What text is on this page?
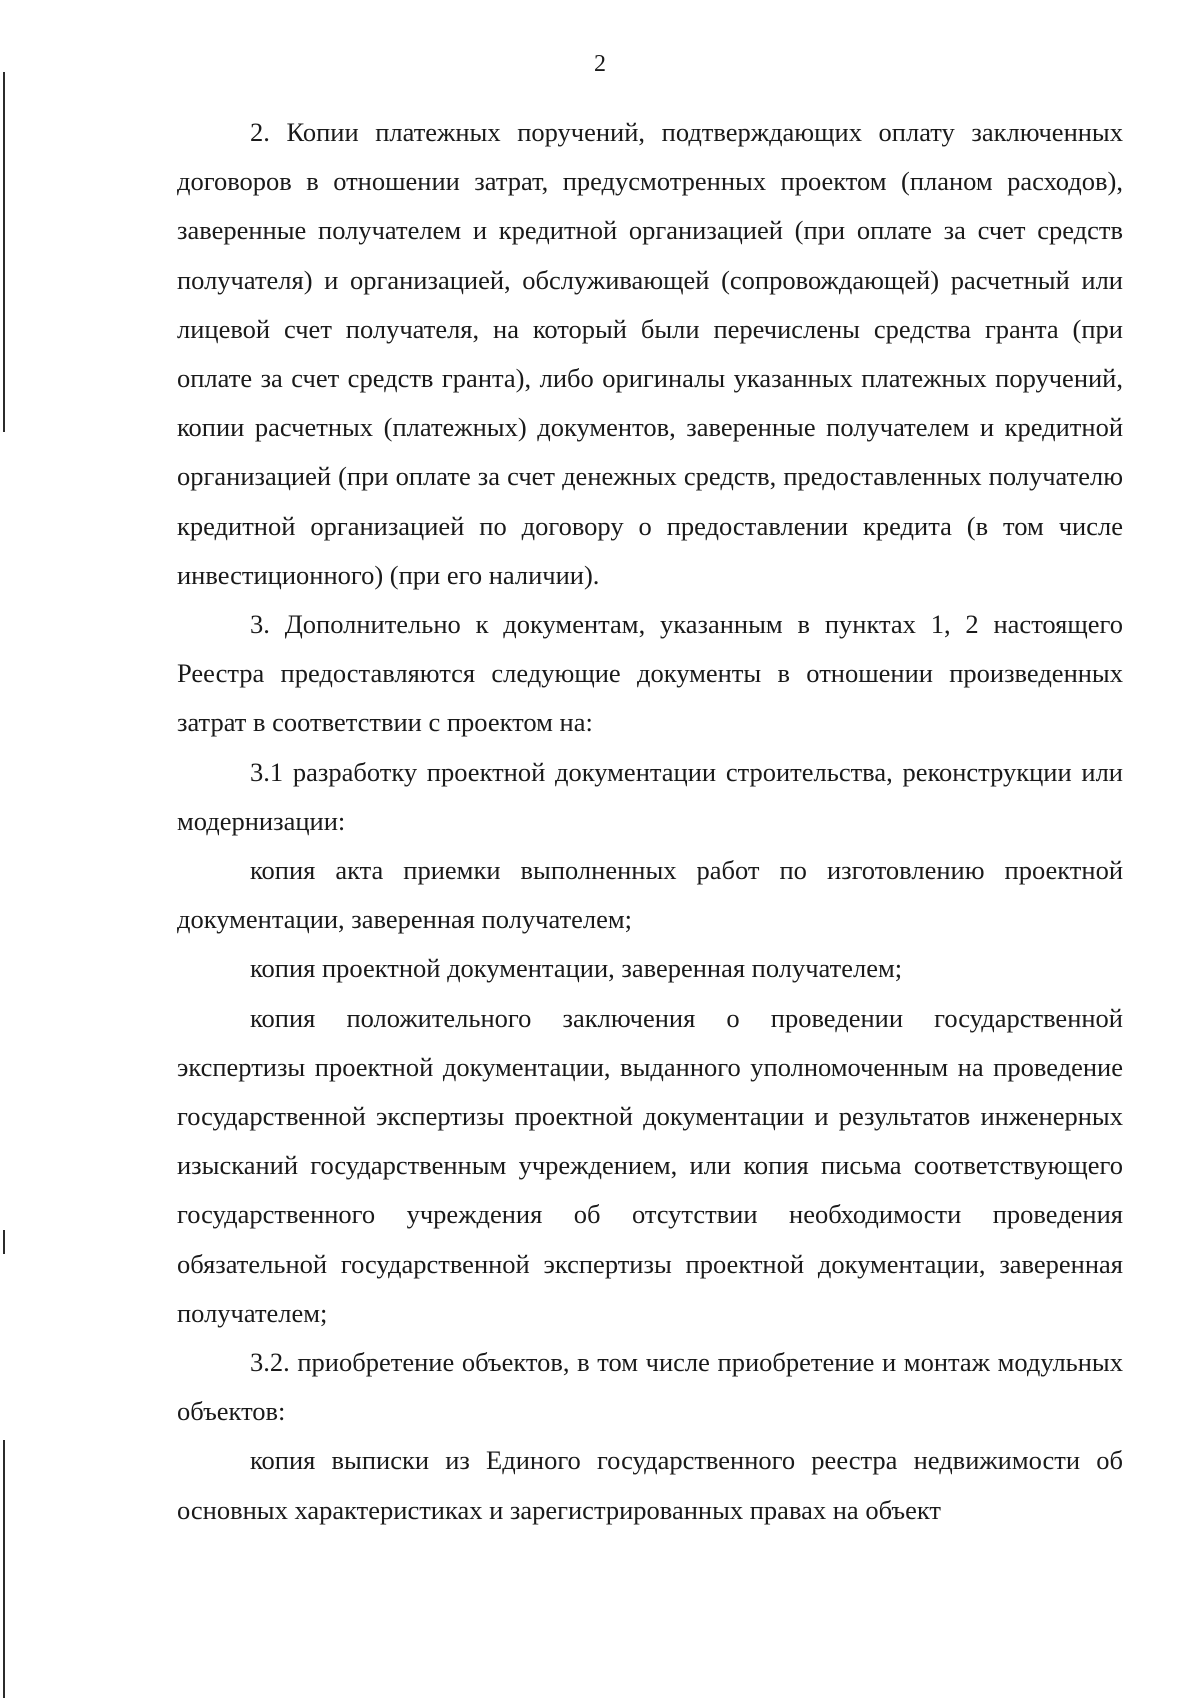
2

2. Копии платежных поручений, подтверждающих оплату заключенных договоров в отношении затрат, предусмотренных проектом (планом расходов), заверенные получателем и кредитной организацией (при оплате за счет средств получателя) и организацией, обслуживающей (сопровождающей) расчетный или лицевой счет получателя, на который были перечислены средства гранта (при оплате за счет средств гранта), либо оригиналы указанных платежных поручений, копии расчетных (платежных) документов, заверенные получателем и кредитной организацией (при оплате за счет денежных средств, предоставленных получателю кредитной организацией по договору о предоставлении кредита (в том числе инвестиционного) (при его наличии).

3. Дополнительно к документам, указанным в пунктах 1, 2 настоящего Реестра предоставляются следующие документы в отношении произведенных затрат в соответствии с проектом на:

3.1 разработку проектной документации строительства, реконструкции или модернизации:

копия акта приемки выполненных работ по изготовлению проектной документации, заверенная получателем;

копия проектной документации, заверенная получателем;

копия положительного заключения о проведении государственной экспертизы проектной документации, выданного уполномоченным на проведение государственной экспертизы проектной документации и результатов инженерных изысканий государственным учреждением, или копия письма соответствующего государственного учреждения об отсутствии необходимости проведения обязательной государственной экспертизы проектной документации, заверенная получателем;

3.2. приобретение объектов, в том числе приобретение и монтаж модульных объектов:

копия выписки из Единого государственного реестра недвижимости об основных характеристиках и зарегистрированных правах на объект
